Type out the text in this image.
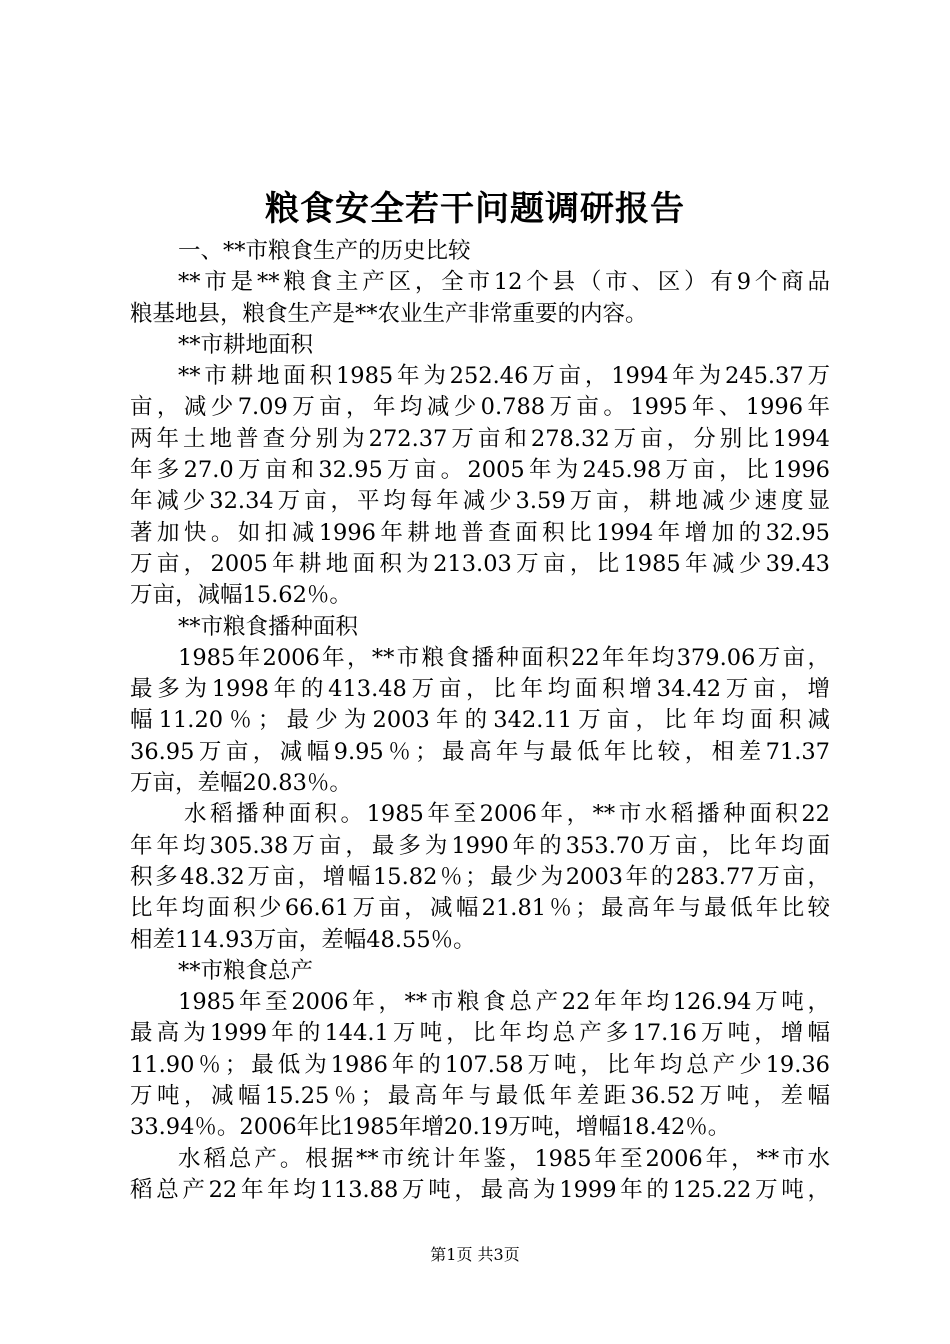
粮食安全若干问题调研报告
一、**市粮食生产的历史比较
**市是**粮食主产区，全市12个县（市、区）有9个商品
粮基地县，粮食生产是**农业生产非常重要的内容。
**市耕地面积
**市耕地面积1985年为252.46万亩，1994年为245.37万
亩，减少7.09万亩，年均减少0.788万亩。1995年、1996年
两年土地普查分别为272.37万亩和278.32万亩，分别比1994
年多27.0万亩和32.95万亩。2005年为245.98万亩，比1996
年减少32.34万亩，平均每年减少3.59万亩，耕地减少速度显
著加快。如扣减1996年耕地普查面积比1994年增加的32.95
万亩，2005年耕地面积为213.03万亩，比1985年减少39.43
万亩，减幅15.62％。
**市粮食播种面积
1985年2006年，**市粮食播种面积22年年均379.06万亩，
最多为1998年的413.48万亩，比年均面积增34.42万亩，增
幅11.20％；最少为2003年的342.11万亩，比年均面积减
36.95万亩，减幅9.95％；最高年与最低年比较，相差71.37
万亩，差幅20.83％。
水稻播种面积。1985年至2006年，**市水稻播种面积22
年年均305.38万亩，最多为1990年的353.70万亩，比年均面
积多48.32万亩，增幅15.82％；最少为2003年的283.77万亩，
比年均面积少66.61万亩，减幅21.81％；最高年与最低年比较
相差114.93万亩，差幅48.55％。
**市粮食总产
1985年至2006年，**市粮食总产22年年均126.94万吨，
最高为1999年的144.1万吨，比年均总产多17.16万吨，增幅
11.90％；最低为1986年的107.58万吨，比年均总产少19.36
万吨，减幅15.25％；最高年与最低年差距36.52万吨，差幅
33.94％。2006年比1985年增20.19万吨，增幅18.42％。
水稻总产。根据**市统计年鉴，1985年至2006年，**市水
稻总产22年年均113.88万吨，最高为1999年的125.22万吨，
第1页 共3页
